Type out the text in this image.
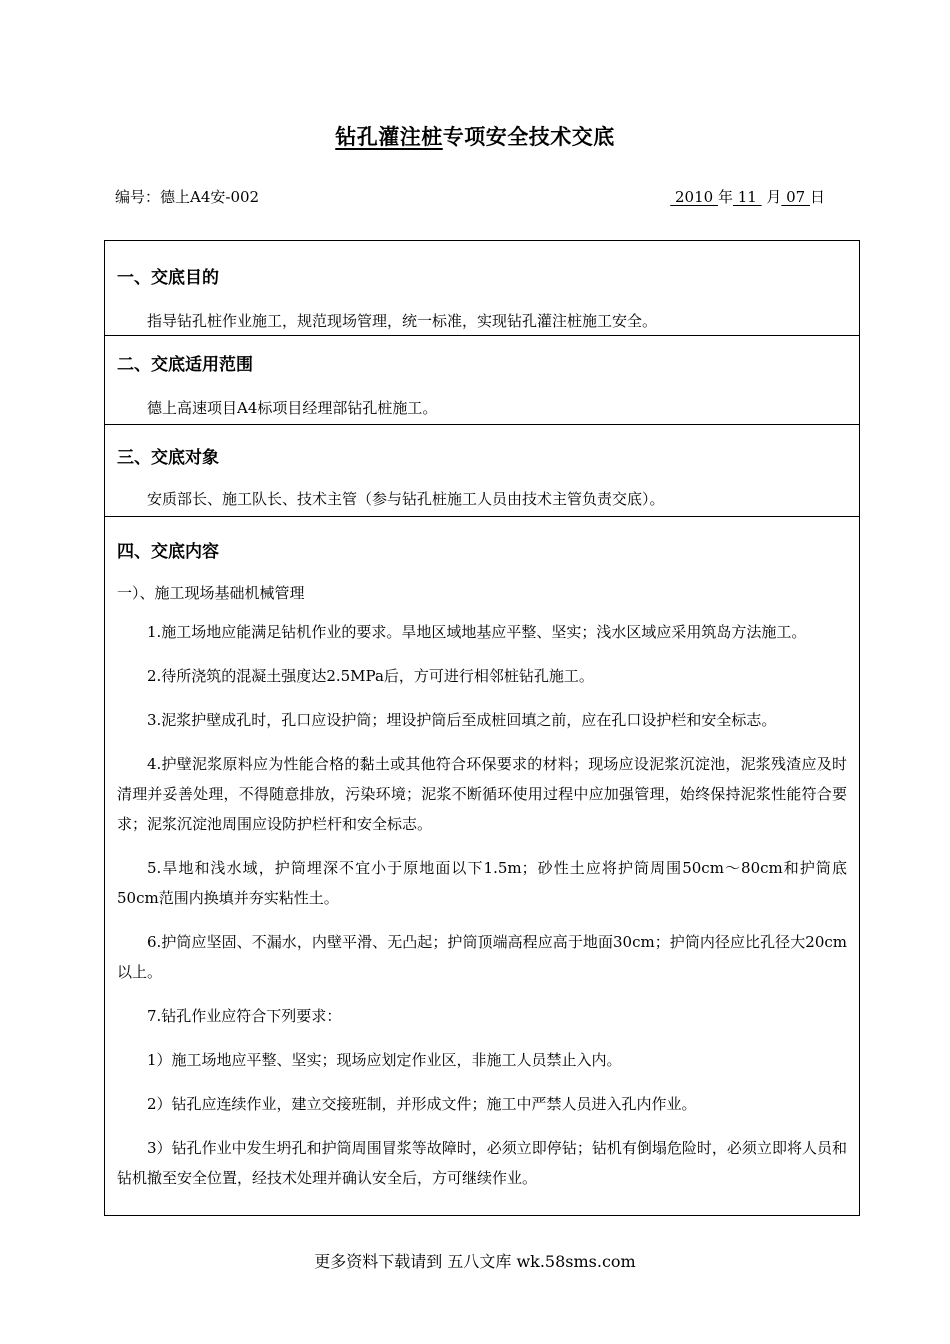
钻孔灌注桩专项安全技术交底
编号：德上A4安-002	2010 年 11  月 07 日
一、交底目的

指导钻孔桩作业施工，规范现场管理，统一标准，实现钻孔灌注桩施工安全。

二、交底适用范围

德上高速项目A4标项目经理部钻孔桩施工。

三、交底对象

安质部长、施工队长、技术主管（参与钻孔桩施工人员由技术主管负责交底）。

四、交底内容
一）、施工现场基础机械管理
1.施工场地应能满足钻机作业的要求。旱地区域地基应平整、坚实；浅水区域应采用筑岛方法施工。
2.待所浇筑的混凝土强度达2.5MPa后，方可进行相邻桩钻孔施工。
3.泥浆护壁成孔时，孔口应设护筒；埋设护筒后至成桩回填之前，应在孔口设护栏和安全标志。
4.护壁泥浆原料应为性能合格的黏土或其他符合环保要求的材料；现场应设泥浆沉淀池，泥浆残渣应及时清理并妥善处理，不得随意排放，污染环境；泥浆不断循环使用过程中应加强管理，始终保持泥浆性能符合要求；泥浆沉淀池周围应设防护栏杆和安全标志。
5.旱地和浅水域，护筒埋深不宜小于原地面以下1.5m；砂性土应将护筒周围50cm～80cm和护筒底50cm范围内换填并夯实粘性土。
6.护筒应坚固、不漏水，内壁平滑、无凸起；护筒顶端高程应高于地面30cm；护筒内径应比孔径大20cm以上。
7.钻孔作业应符合下列要求：
1）施工场地应平整、坚实；现场应划定作业区，非施工人员禁止入内。
2）钻孔应连续作业，建立交接班制，并形成文件；施工中严禁人员进入孔内作业。
3）钻孔作业中发生坍孔和护筒周围冒浆等故障时，必须立即停钻；钻机有倒塌危险时，必须立即将人员和钻机撤至安全位置，经技术处理并确认安全后，方可继续作业。
更多资料下载请到 五八文库 wk.58sms.com
